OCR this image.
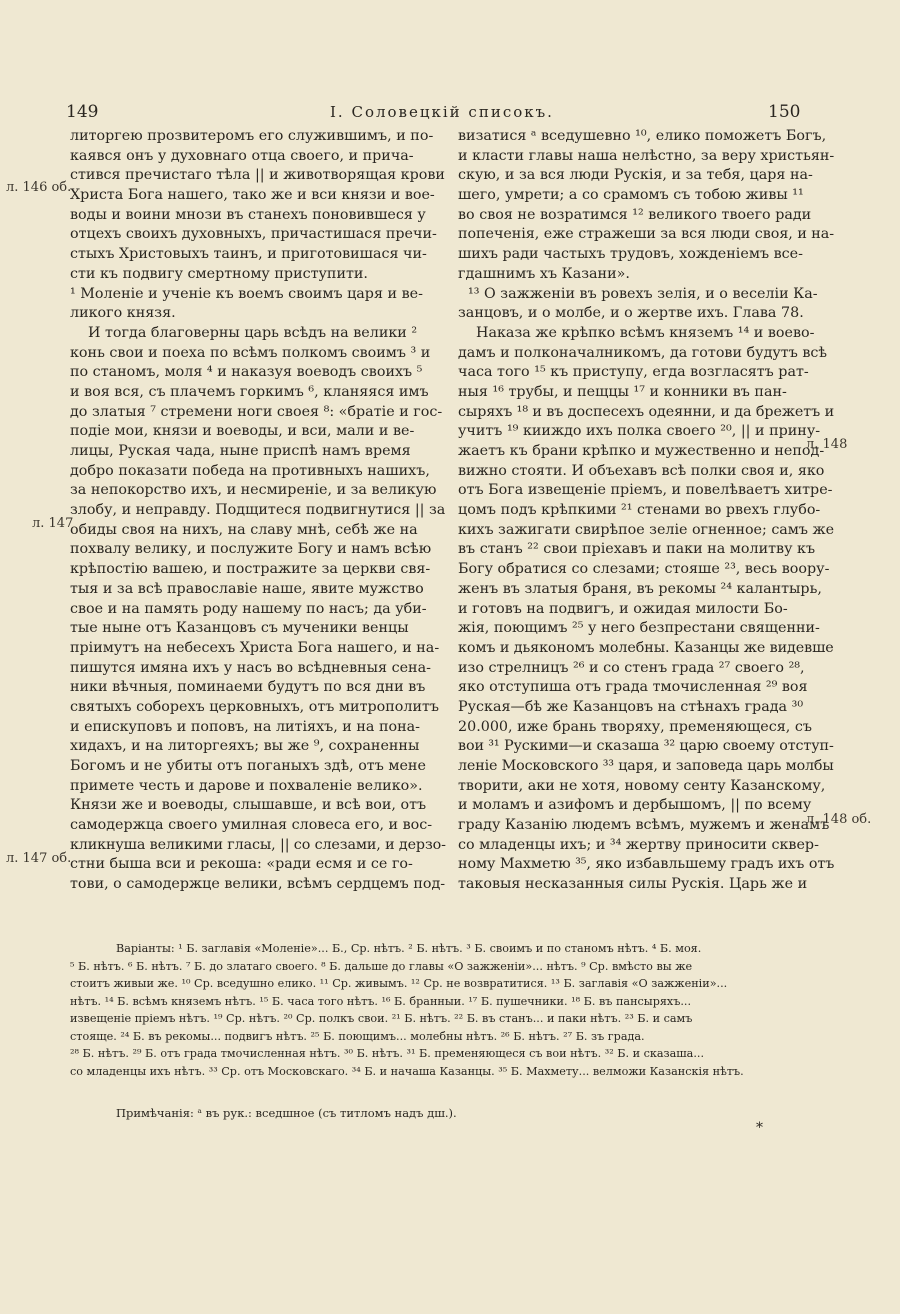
149	I. Соловецкiй списокъ.	150
литоргею прозвитеромъ его служившимъ, и по-
каявся онъ у духовнаго отца своего, и прича-
стився пречистаго тѣла || и животворящая крови
Христа Бога нашего, тако же и вси князи и вое-
воды и воини мнози въ станехъ поновившеся у
отцехъ своихъ духовныхъ, причастишася пречи-
стыхъ Христовыхъ таинъ, и приготовишася чи-
сти къ подвигу смертному приступити.
¹ Моленiе и ученiе къ воемъ своимъ царя и ве-
ликого князя.
И тогда благоверны царь всѣдъ на велики ²
конь свои и поеха по всѣмъ полкомъ своимъ ³ и
по станомъ, моля ⁴ и наказуя воеводъ своихъ ⁵
и воя вся, съ плачемъ горкимъ ⁶, кланяяся имъ
до златыя ⁷ стремени ноги своея ⁸: «братiе и гос-
подiе мои, князи и воеводы, и вси, мали и ве-
лицы, Руская чада, ныне приспѣ намъ время
добро показати победа на противныхъ нашихъ,
за непокорство ихъ, и несмиренiе, и за великую
злобу, и неправду. Подщитеся подвигнутися || за
обиды своя на нихъ, на славу мнѣ, себѣ же на
похвалу велику, и послужите Богу и намъ всѣю
крѣпостiю вашею, и постражите за церкви свя-
тыя и за всѣ православiе наше, явите мужство
свое и на память роду нашему по насъ; да уби-
тые ныне отъ Казанцовъ съ мученики венцы
прiимутъ на небесехъ Христа Бога нашего, и на-
пишутся имяна ихъ у насъ во всѣдневныя сена-
ники вѣчныя, поминаеми будутъ по вся дни въ
святыхъ соборехъ церковныхъ, отъ митрополитъ
и епискуповъ и поповъ, на литiяхъ, и на пона-
хидахъ, и на литоргеяхъ; вы же ⁹, сохраненны
Богомъ и не убиты отъ поганыхъ здѣ, отъ мене
примете честь и дарове и похваленiе велико».
Князи же и воеводы, слышавше, и всѣ вои, отъ
самодержца своего умилная словеса его, и вос-
кликнуша великими гласы, || со слезами, и дерзо-
стни быша вси и рекоша: «ради есмя и се го-
тови, о самодержце велики, всѣмъ сердцемъ под-
визатися ᵃ вседушевно ¹⁰, елико поможетъ Богъ,
и класти главы наша нелѣстно, за веру христьян-
скую, и за вся люди Рускiя, и за тебя, царя на-
шего, умрети; а со срамомъ съ тобою живы ¹¹
во своя не возратимся ¹² великого твоего ради
попеченiя, еже стражеши за вся люди своя, и на-
шихъ ради частыхъ трудовъ, хожденiемъ все-
гдашнимъ хъ Казани».
¹³ О зажженiи въ ровехъ зелiя, и о веселiи Ка-
занцовъ, и о молбе, и о жертве ихъ. Глава 78.
Наказа же крѣпко всѣмъ княземъ ¹⁴ и воево-
дамъ и полконачалникомъ, да готови будутъ всѣ
часа того ¹⁵ къ приступу, егда возгласятъ рат-
ныя ¹⁶ трубы, и пещцы ¹⁷ и конники въ пан-
сыряхъ ¹⁸ и въ доспесехъ одеянни, и да брежетъ и
учитъ ¹⁹ кииждо ихъ полка своего ²⁰, || и прину-
жаетъ къ брани крѣпко и мужественно и непод-
вижно стояти. И объехавъ всѣ полки своя и, яко
отъ Бога извещенiе прiемъ, и повелѣваетъ хитре-
цомъ подъ крѣпкими ²¹ стенами во рвехъ глубо-
кихъ зажигати свирѣпое зелiе огненное; самъ же
въ станъ ²² свои прiехавъ и паки на молитву къ
Богу обратися со слезами; стояше ²³, весь воору-
женъ въ златыя браня, въ рекомы ²⁴ калантырь,
и готовъ на подвигъ, и ожидая милости Бо-
жiя, поющимъ ²⁵ у него безпрестани священни-
комъ и дьякономъ молебны. Казанцы же видевше
изо стрелницъ ²⁶ и со стенъ града ²⁷ своего ²⁸,
яко отступиша отъ града тмочисленная ²⁹ воя
Руская—бѣ же Казанцовъ на стѣнахъ града ³⁰
20.000, иже брань творяху, пременяющеся, съ
вои ³¹ Рускими—и сказаша ³² царю своему отступ-
ленiе Московского ³³ царя, и заповеда царь молбы
творити, аки не хотя, новому сенту Казанскому,
и моламъ и азифомъ и дербышомъ, || по всему
граду Казанiю людемъ всѣмъ, мужемъ и женамъ
со младенцы ихъ; и ³⁴ жертву приносити сквер-
ному Махметю ³⁵, яко избавльшему градъ ихъ отъ
таковыя несказанныя силы Рускiя. Царь же и
л. 146 об.
л. 147
л. 147 об.
л. 148
л. 148 об.
Варiанты: ¹ Б. заглавiя «Моленiе»... Б., Ср. нѣтъ. ² Б. нѣтъ. ³ Б. своимъ и по станомъ нѣтъ. ⁴ Б. моя.
⁵ Б. нѣтъ. ⁶ Б. нѣтъ. ⁷ Б. до златаго своего. ⁸ Б. дальше до главы «О зажженiи»... нѣтъ. ⁹ Ср. вмѣсто вы же
стоитъ живыи же. ¹⁰ Ср. вседушно елико. ¹¹ Ср. живымъ. ¹² Ср. не возвратитися. ¹³ Б. заглавiя «О зажженiи»...
нѣтъ. ¹⁴ Б. всѣмъ княземъ нѣтъ. ¹⁵ Б. часа того нѣтъ. ¹⁶ Б. бранныи. ¹⁷ Б. пушечники. ¹⁸ Б. въ пансыряхъ...
извещенiе прiемъ нѣтъ. ¹⁹ Ср. нѣтъ. ²⁰ Ср. полкъ свои. ²¹ Б. нѣтъ. ²² Б. въ станъ... и паки нѣтъ. ²³ Б. и самъ
стояще. ²⁴ Б. въ рекомы... подвигъ нѣтъ. ²⁵ Б. поющимъ... молебны нѣтъ. ²⁶ Б. нѣтъ. ²⁷ Б. зъ града.
²⁸ Б. нѣтъ. ²⁹ Б. отъ града тмочисленная нѣтъ. ³⁰ Б. нѣтъ. ³¹ Б. пременяющеся съ вои нѣтъ. ³² Б. и сказаша...
со младенцы ихъ нѣтъ. ³³ Ср. отъ Московскаго. ³⁴ Б. и начаша Казанцы. ³⁵ Б. Махмету... велможи Казанскiя нѣтъ.
Примѣчанiя: ᵃ въ рук.: вседшное (съ титломъ надъ дш.).
*
